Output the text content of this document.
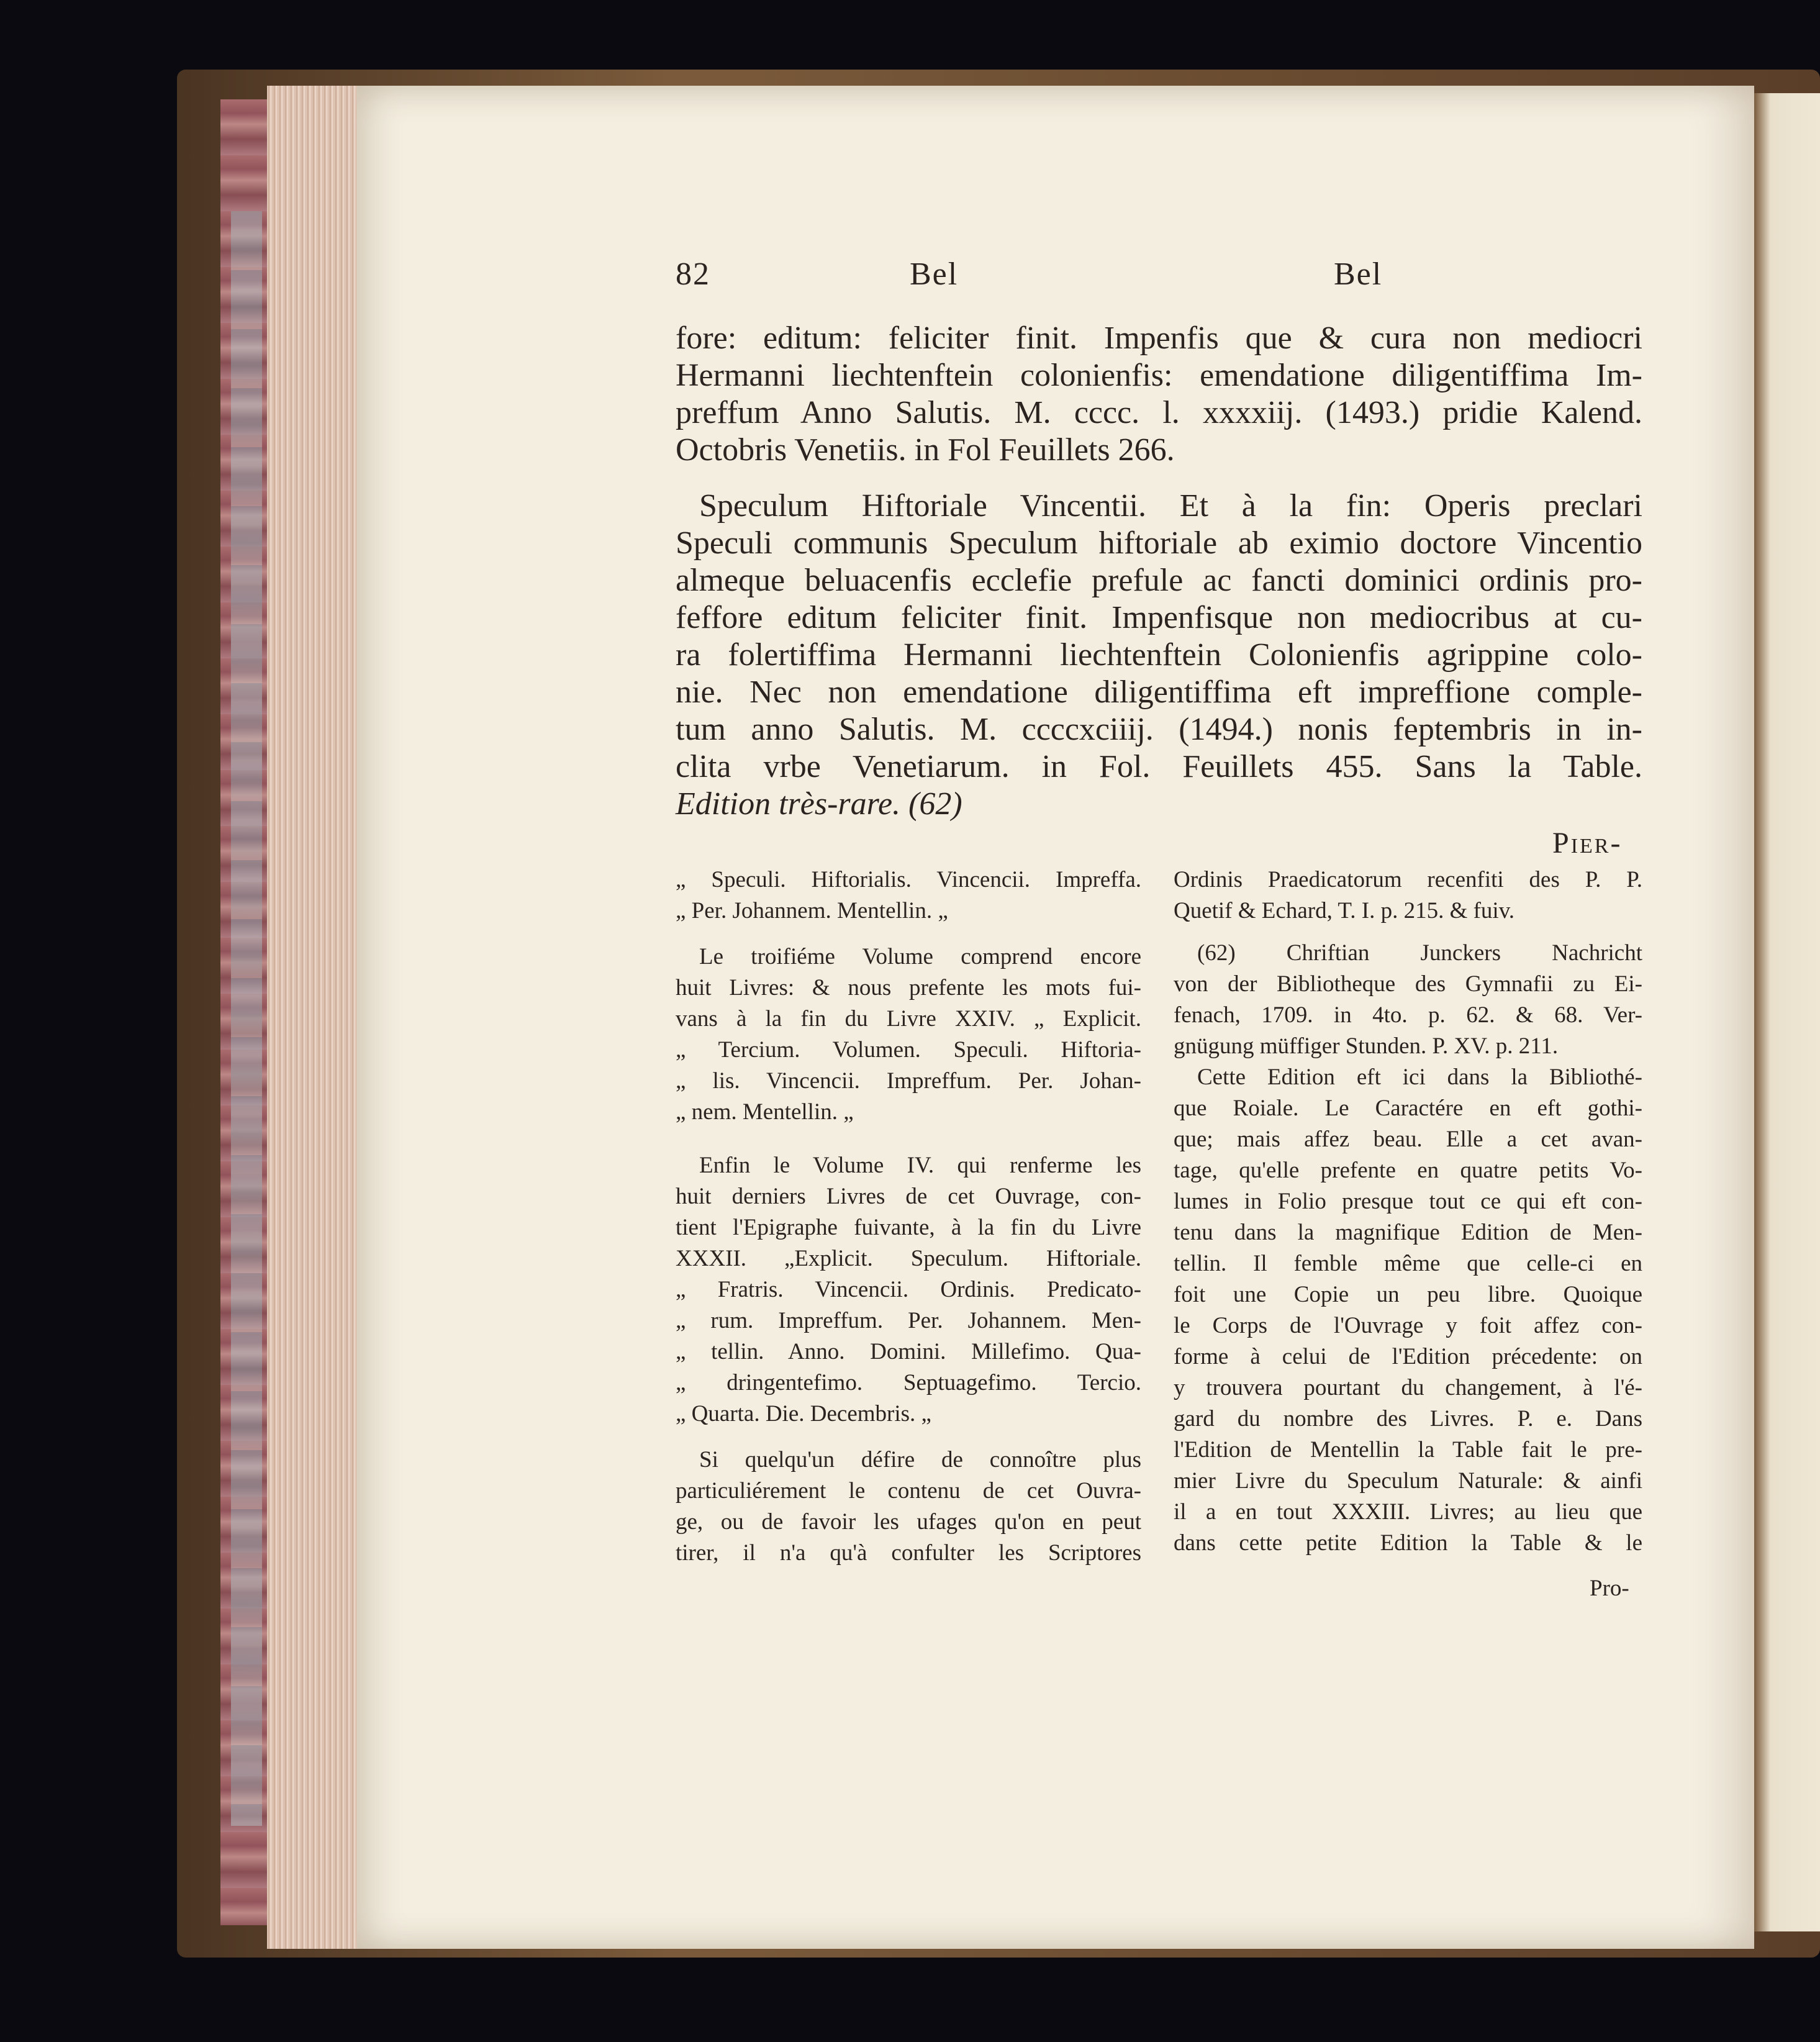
82	Bel	Bel
fore: editum: feliciter finit. Impenfis que & cura non mediocri
Hermanni liechtenftein colonienfis: emendatione diligentiffima Im-
preffum Anno Salutis. M. cccc. l. xxxxiij. (1493.) pridie Kalend.
Octobris Venetiis. in Fol Feuillets 266.
Speculum Hiftoriale Vincentii. Et à la fin: Operis preclari
Speculi communis Speculum hiftoriale ab eximio doctore Vincentio
almeque beluacenfis ecclefie prefule ac fancti dominici ordinis pro-
feffore editum feliciter finit. Impenfisque non mediocribus at cu-
ra folertiffima Hermanni liechtenftein Colonienfis agrippine colo-
nie. Nec non emendatione diligentiffima eft impreffione comple-
tum anno Salutis. M. ccccxciiij. (1494.) nonis feptembris in in-
clita vrbe Venetiarum. in Fol. Feuillets 455. Sans la Table.
Edition très-rare. (62)
Pier-
„ Speculi. Hiftorialis. Vincencii. Impreffa.
„ Per. Johannem. Mentellin. „
Le troifiéme Volume comprend encore
huit Livres: & nous prefente les mots fui-
vans à la fin du Livre XXIV. „ Explicit.
„ Tercium. Volumen. Speculi. Hiftoria-
„ lis. Vincencii. Impreffum. Per. Johan-
„ nem. Mentellin. „
Enfin le Volume IV. qui renferme les
huit derniers Livres de cet Ouvrage, con-
tient l'Epigraphe fuivante, à la fin du Livre
XXXII. „Explicit. Speculum. Hiftoriale.
„ Fratris. Vincencii. Ordinis. Predicato-
„ rum. Impreffum. Per. Johannem. Men-
„ tellin. Anno. Domini. Millefimo. Qua-
„ dringentefimo. Septuagefimo. Tercio.
„ Quarta. Die. Decembris. „
Si quelqu'un défire de connoître plus
particuliérement le contenu de cet Ouvra-
ge, ou de favoir les ufages qu'on en peut
tirer, il n'a qu'à confulter les Scriptores
Ordinis Praedicatorum recenfiti des P. P.
Quetif & Echard, T. I. p. 215. & fuiv.
(62) Chriftian Junckers Nachricht
von der Bibliotheque des Gymnafii zu Ei-
fenach, 1709. in 4to. p. 62. & 68. Ver-
gnügung müffiger Stunden. P. XV. p. 211.
Cette Edition eft ici dans la Bibliothé-
que Roiale. Le Caractére en eft gothi-
que; mais affez beau. Elle a cet avan-
tage, qu'elle prefente en quatre petits Vo-
lumes in Folio presque tout ce qui eft con-
tenu dans la magnifique Edition de Men-
tellin. Il femble même que celle-ci en
foit une Copie un peu libre. Quoique
le Corps de l'Ouvrage y foit affez con-
forme à celui de l'Edition précedente: on
y trouvera pourtant du changement, à l'é-
gard du nombre des Livres. P. e. Dans
l'Edition de Mentellin la Table fait le pre-
mier Livre du Speculum Naturale: & ainfi
il a en tout XXXIII. Livres; au lieu que
dans cette petite Edition la Table & le
Pro-
